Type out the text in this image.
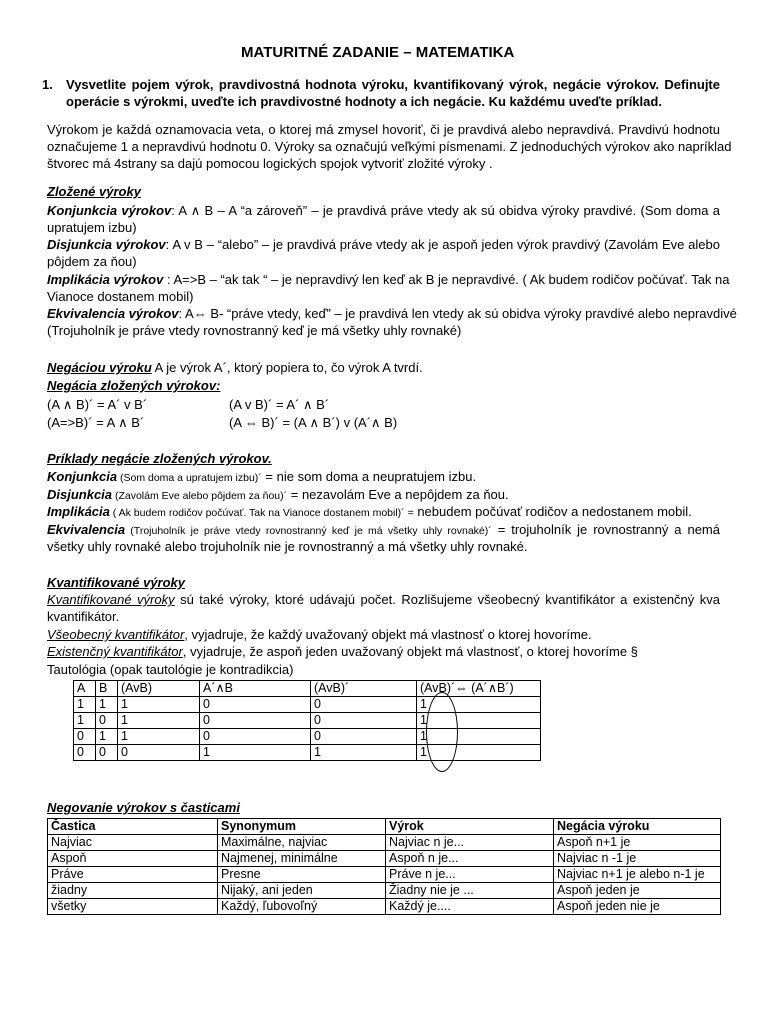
MATURITNÉ ZADANIE – MATEMATIKA
1. Vysvetlite pojem výrok, pravdivostná hodnota výroku, kvantifikovaný výrok, negácie výrokov. Definujte
operácie s výrokmi, uveďte ich pravdivostné hodnoty a ich negácie. Ku každému uveďte príklad.
Výrokom je každá oznamovacia veta, o ktorej má zmysel hovoriť, či je pravdivá alebo nepravdivá. Pravdivú hodnotu
označujeme 1 a nepravdivú hodnotu 0. Výroky sa označujú veľkými písmenami. Z jednoduchých výrokov ako napríklad
štvorec má 4strany sa dajú pomocou logických spojok vytvoriť zložité výroky .
Zložené výroky
Konjunkcia výrokov: A ∧ B – A “a zároveň” – je pravdivá práve vtedy ak sú obidva výroky pravdivé. (Som doma a
upratujem izbu)
Disjunkcia výrokov: A v B – “alebo” – je pravdivá práve vtedy ak je aspoň jeden výrok pravdivý (Zavolám Eve alebo
pôjdem za ňou)
Implikácia výrokov : A=>B – “ak tak “ – je nepravdivý len keď ak B je nepravdivé. ( Ak budem rodičov počúvať. Tak na
Vianoce dostanem mobil)
Ekvivalencia výrokov: A⇔ B- “práve vtedy, keď” – je pravdivá len vtedy ak sú obidva výroky pravdivé alebo nepravdivé
(Trojuholník je práve vtedy rovnostranný keď je má všetky uhly rovnaké)
Negáciou výroku A je výrok A´, ktorý popiera to, čo výrok A tvrdí.
Negácia zložených výrokov:
(A ∧ B)´ = A´ v B´	(A v B)´ = A´ ∧ B´
(A=>B)´ = A ∧ B´	(A ⇔ B)´ = (A ∧ B´) v (A´∧ B)
Príklady negácie zložených výrokov.
Konjunkcia (Som doma a upratujem izbu)´ = nie som doma a neupratujem izbu.
Disjunkcia (Zavolám Eve alebo pôjdem za ňou)´ = nezavolám Eve a nepôjdem za ňou.
Implikácia ( Ak budem rodičov počúvať. Tak na Vianoce dostanem mobil)´ = nebudem počúvať rodičov a nedostanem mobil.
Ekvivalencia (Trojuholník je práve vtedy rovnostranný keď je má všetky uhly rovnaké)´ = trojuholník je rovnostranný a nemá
všetky uhly rovnaké alebo trojuholník nie je rovnostranný a má všetky uhly rovnaké.
Kvantifikované výroky
Kvantifikované výroky sú také výroky, ktoré udávajú počet. Rozlišujeme všeobecný kvantifikátor a existenčný kva
kvantifikátor.
Všeobecný kvantifikátor, vyjadruje, že každý uvažovaný objekt má vlastnosť o ktorej hovoríme.
Existenčný kvantifikátor, vyjadruje, že aspoň jeden uvažovaný objekt má vlastnosť, o ktorej hovoríme §
Tautológia (opak tautológie je kontradikcia)
A	B	(AvB)	A´∧B	(AvB)´	(AvB)´⇔ (A´∧B´)
1	1	1	0	0	1
1	0	1	0	0	1
0	1	1	0	0	1
0	0	0	1	1	1
Negovanie výrokov s časticami
Častica	Synonymum	Výrok	Negácia výroku
Najviac	Maximálne, najviac	Najviac n je...	Aspoň n+1 je
Aspoň	Najmenej, minimálne	Aspoň n je...	Najviac n -1 je
Práve	Presne	Práve n je...	Najviac n+1 je alebo n-1 je
žiadny	Nijaký, ani jeden	Žiadny nie je ...	Aspoň jeden je
všetky	Každý, ľubovoľný	Každý je....	Aspoň jeden nie je
